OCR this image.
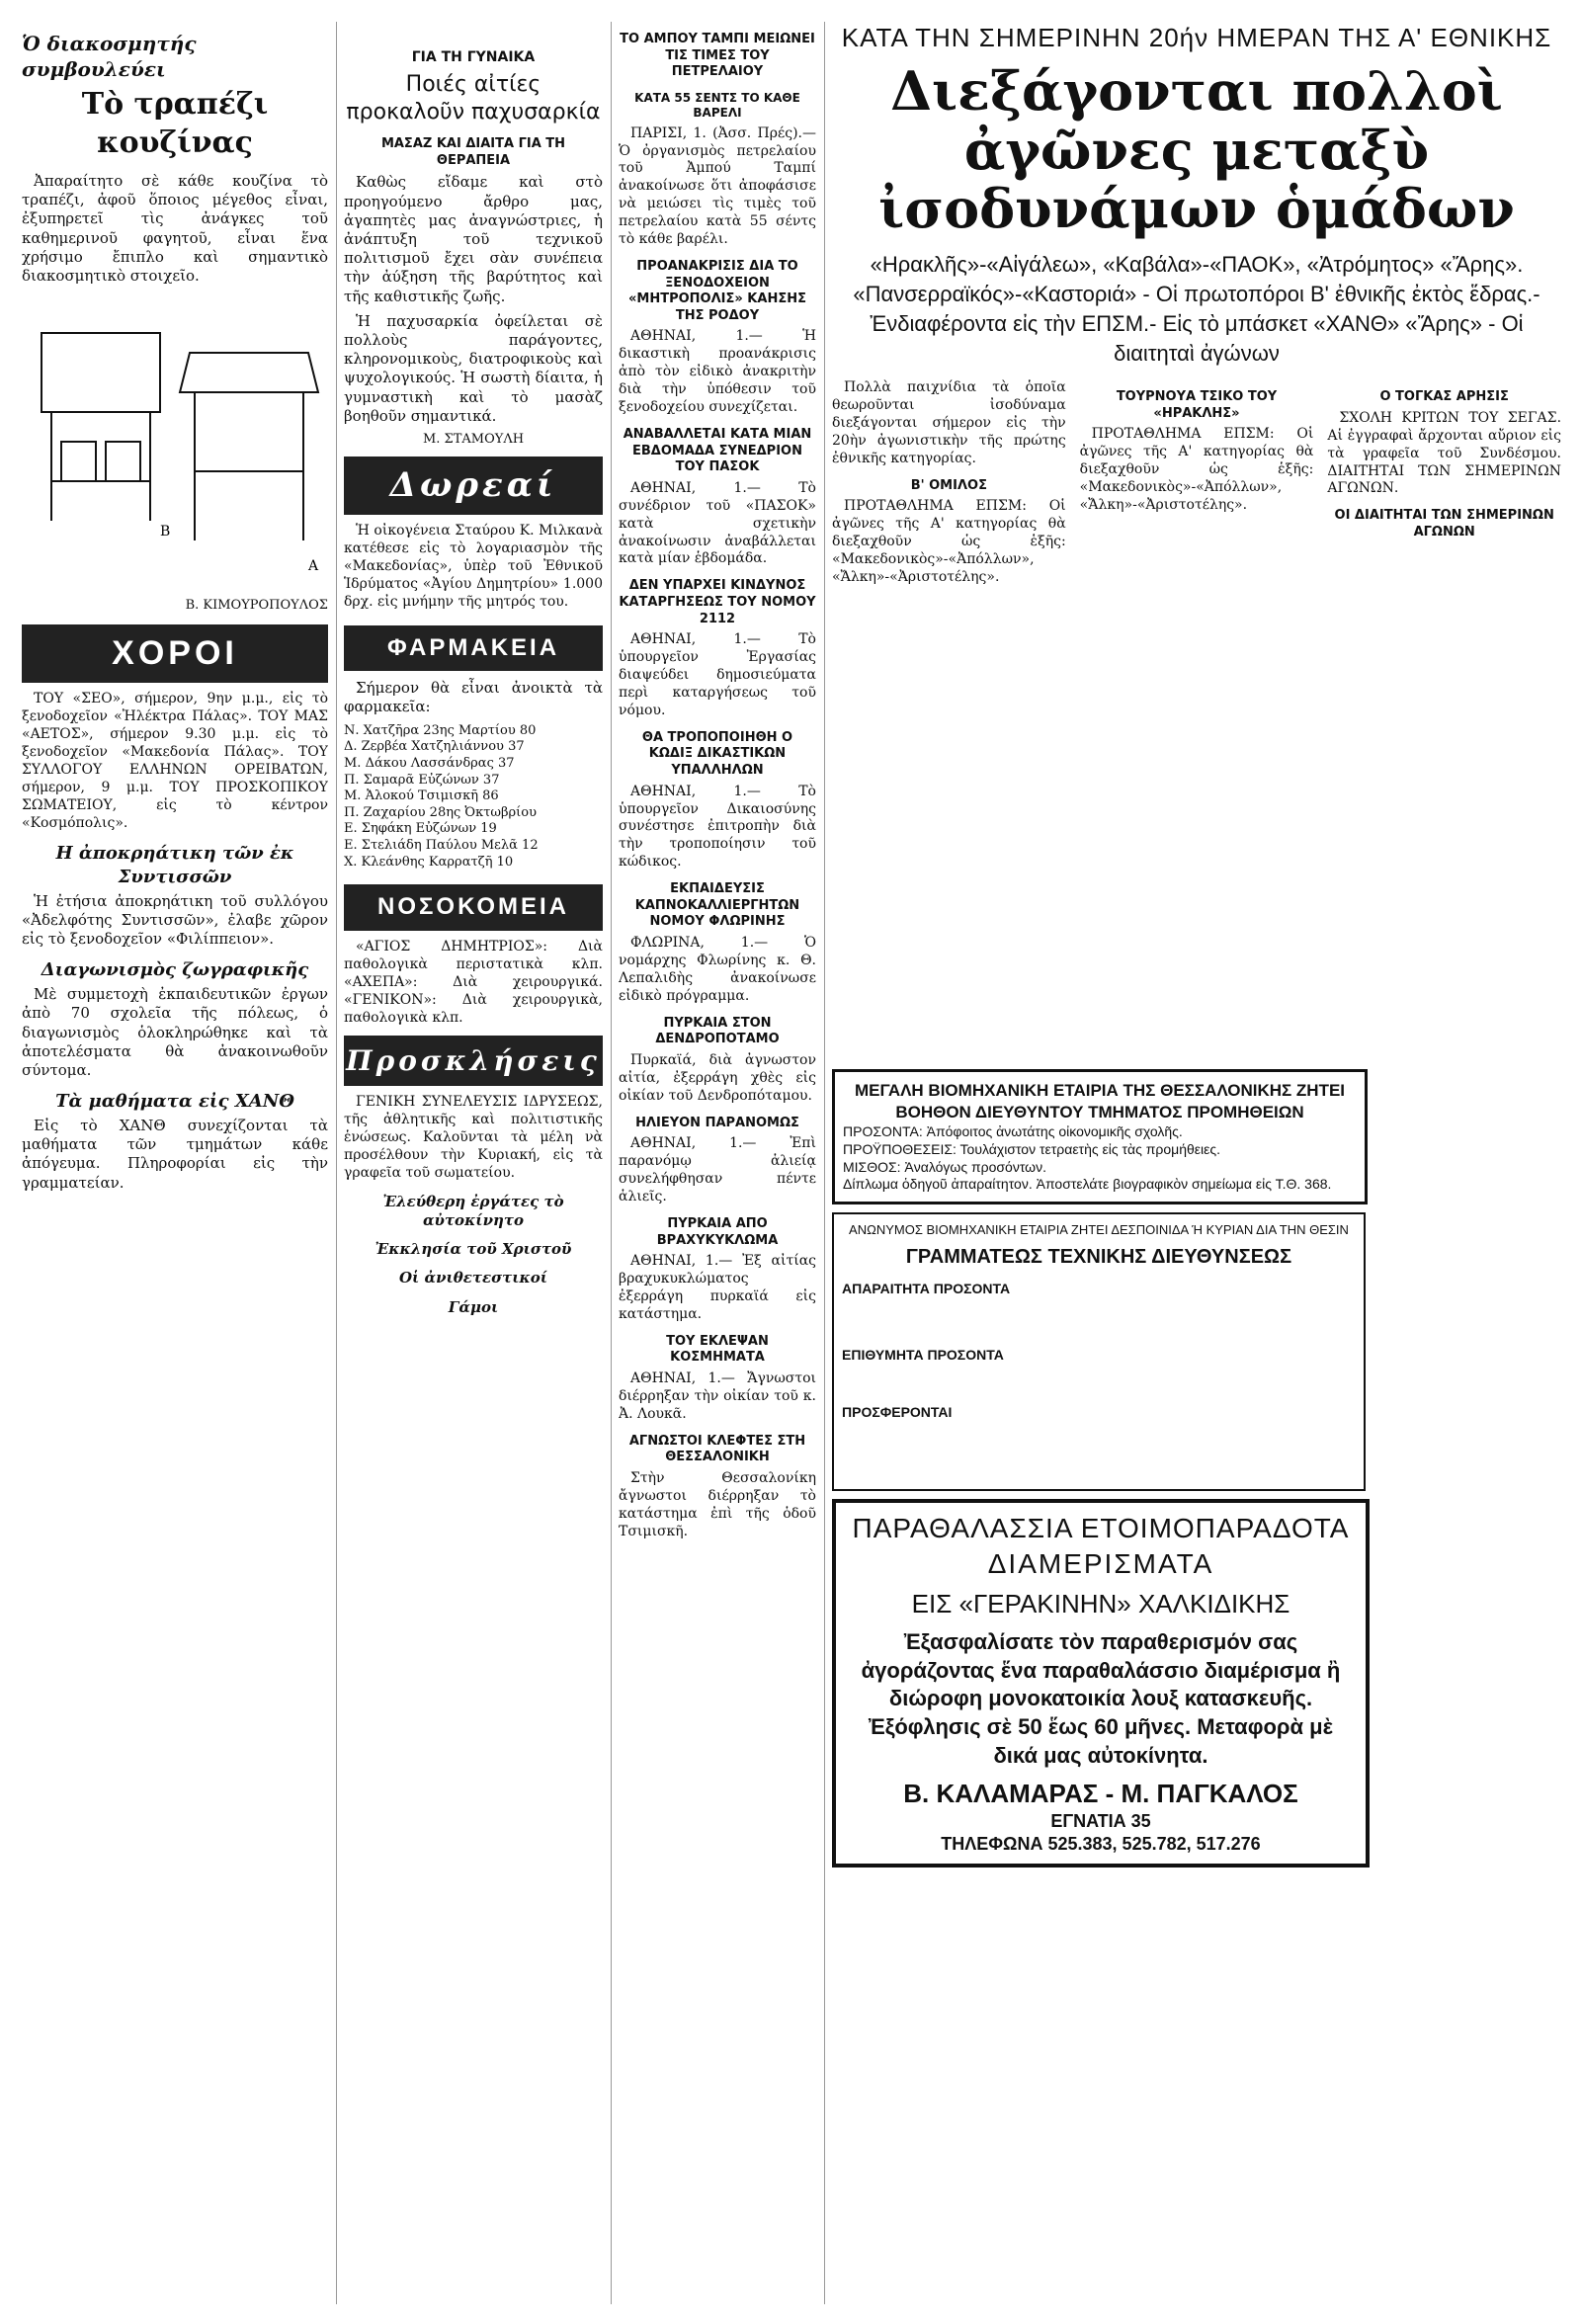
Ὁ διακοσμητής συμβουλεύει
Τὸ τραπέζι κουζίνας

Ἀπαραίτητο σὲ κάθε κουζίνα τὸ τραπέζι, ἀφοῦ ὅποιος μέγεθος εἶναι, ἐξυπηρετεῖ τὶς ἀνάγκες τοῦ καθημερινοῦ φαγητοῦ, εἶναι ἕνα χρήσιμο ἔπιπλο καὶ σημαντικὸ διακοσμητικὸ στοιχεῖο.

Β
Α
Β. ΚΙΜΟΥΡΟΠΟΥΛΟΣ
ΧΟΡΟΙ

ΤΟΥ «ΣΕΟ», σήμερον, 9ην μ.μ., εἰς τὸ ξενοδοχεῖον «Ἠλέκτρα Πάλας». ΤΟΥ ΜΑΣ «ΑΕΤΟΣ», σήμερον 9.30 μ.μ. εἰς τὸ ξενοδοχεῖον «Μακεδονία Πάλας». ΤΟΥ ΣΥΛΛΟΓΟΥ ΕΛΛΗΝΩΝ ΟΡΕΙΒΑΤΩΝ, σήμερον, 9 μ.μ. ΤΟΥ ΠΡΟΣΚΟΠΙΚΟΥ ΣΩΜΑΤΕΙΟΥ, εἰς τὸ κέντρον «Κοσμόπολις».

Η ἀποκρηάτικη τῶν ἐκ Συντισσῶν

Ἡ ἐτήσια ἀποκρηάτικη τοῦ συλλόγου «Ἀδελφότης Συντισσῶν», ἐλαβε χῶρον εἰς τὸ ξενοδοχεῖον «Φιλίππειον».

Διαγωνισμὸς ζωγραφικῆς

Μὲ συμμετοχὴ ἐκπαιδευτικῶν ἐργων ἀπὸ 70 σχολεῖα τῆς πόλεως, ὁ διαγωνισμὸς ὁλοκληρώθηκε καὶ τὰ ἀποτελέσματα θὰ ἀνακοινωθοῦν σύντομα.

Τὰ μαθήματα εἰς ΧΑΝΘ

Εἰς τὸ ΧΑΝΘ συνεχίζονται τὰ μαθήματα τῶν τμημάτων κάθε ἀπόγευμα. Πληροφορίαι εἰς τὴν γραμματείαν.

ΓΙΑ ΤΗ ΓΥΝΑΙΚΑ
Ποιές αἰτίες προκαλοῦν παχυσαρκία
ΜΑΣΑΖ ΚΑΙ ΔΙΑΙΤΑ ΓΙΑ ΤΗ ΘΕΡΑΠΕΙΑ

Καθὼς εἴδαμε καὶ στὸ προηγούμενο ἄρθρο μας, ἀγαπητὲς μας ἀναγνώστριες, ἡ ἀνάπτυξη τοῦ τεχνικοῦ πολιτισμοῦ ἔχει σὰν συνέπεια τὴν ἀύξηση τῆς βαρύτητος καὶ τῆς καθιστικῆς ζωῆς.

Ἡ παχυσαρκία ὀφείλεται σὲ πολλοὺς παράγοντες, κληρονομικοὺς, διατροφικοὺς καὶ ψυχολογικούς. Ἡ σωστὴ δίαιτα, ἡ γυμναστικὴ καὶ τὸ μασὰζ βοηθοῦν σημαντικά.

Μ. ΣΤΑΜΟΥΛΗ
Δωρεαί

Ἡ οἰκογένεια Σταύρου Κ. Μιλκανὰ κατέθεσε εἰς τὸ λογαριασμὸν τῆς «Μακεδονίας», ὑπὲρ τοῦ Ἐθνικοῦ Ἱδρύματος «Ἀγίου Δημητρίου» 1.000 δρχ. εἰς μνήμην τῆς μητρός του.

ΦΑΡΜΑΚΕΙΑ

Σήμερον θὰ εἶναι ἀνοικτὰ τὰ φαρμακεῖα:

Ν. Χατζῆρα 23ης Μαρτίου 80
Δ. Ζερβέα Χατζηλιάννου 37
Μ. Δάκου Λασσάνδρας 37
Π. Σαμαρᾶ Εὐζώνων 37
Μ. Ἀλοκού Τσιμισκῆ 86
Π. Ζαχαρίου 28ης Ὀκτωβρίου
Ε. Σηφάκη Εὐζώνων 19
Ε. Στελιάδη Παύλου Μελᾶ 12
Χ. Κλεάνθης Καρρατζῆ 10
ΝΟΣΟΚΟΜΕΙΑ

«ΑΓΙΟΣ ΔΗΜΗΤΡΙΟΣ»: Διὰ παθολογικὰ περιστατικὰ κλπ. «ΑΧΕΠΑ»: Διὰ χειρουργικά. «ΓΕΝΙΚΟΝ»: Διὰ χειρουργικὰ, παθολογικὰ κλπ.

Προσκλήσεις

ΓΕΝΙΚΗ ΣΥΝΕΛΕΥΣΙΣ ΙΔΡΥΣΕΩΣ, τῆς ἀθλητικῆς καὶ πολιτιστικῆς ἑνώσεως. Καλοῦνται τὰ μέλη νὰ προσέλθουν τὴν Κυριακή, εἰς τὰ γραφεῖα τοῦ σωματείου.

Ἐλεύθερη ἐργάτες τὸ αὐτοκίνητο
Ἐκκλησία τοῦ Χριστοῦ
Οἱ ἀνιθετεστικοί
Γάμοι
ΤΟ ΑΜΠΟΥ ΤΑΜΠΙ ΜΕΙΩΝΕΙ ΤΙΣ ΤΙΜΕΣ ΤΟΥ ΠΕΤΡΕΛΑΙΟΥ
ΚΑΤΑ 55 ΣΕΝΤΣ ΤΟ ΚΑΘΕ ΒΑΡΕΛΙ

ΠΑΡΙΣΙ, 1. (Ἀσσ. Πρές).— Ὁ ὀργανισμὸς πετρελαίου τοῦ Ἀμπού Ταμπί ἀνακοίνωσε ὅτι ἀποφάσισε νὰ μειώσει τὶς τιμὲς τοῦ πετρελαίου κατὰ 55 σέντς τὸ κάθε βαρέλι.

ΠΡΟΑΝΑΚΡΙΣΙΣ ΔΙΑ ΤΟ ΞΕΝΟΔΟΧΕΙΟΝ «ΜΗΤΡΟΠΟΛΙΣ» ΚΑΗΣΗΣ ΤΗΣ ΡΟΔΟΥ

ΑΘΗΝΑΙ, 1.— Ἡ δικαστικὴ προανάκρισις ἀπὸ τὸν εἰδικὸ ἀνακριτὴν διὰ τὴν ὑπόθεσιν τοῦ ξενοδοχείου συνεχίζεται.

ΑΝΑΒΑΛΛΕΤΑΙ ΚΑΤΑ ΜΙΑΝ ΕΒΔΟΜΑΔΑ ΣΥΝΕΔΡΙΟΝ ΤΟΥ ΠΑΣΟΚ

ΑΘΗΝΑΙ, 1.— Τὸ συνέδριον τοῦ «ΠΑΣΟΚ» κατὰ σχετικὴν ἀνακοίνωσιν ἀναβάλλεται κατὰ μίαν ἑβδομάδα.

ΔΕΝ ΥΠΑΡΧΕΙ ΚΙΝΔΥΝΟΣ ΚΑΤΑΡΓΗΣΕΩΣ ΤΟΥ ΝΟΜΟΥ 2112

ΑΘΗΝΑΙ, 1.— Τὸ ὑπουργεῖον Ἐργασίας διαψεύδει δημοσιεύματα περὶ καταργήσεως τοῦ νόμου.

ΘΑ ΤΡΟΠΟΠΟΙΗΘΗ Ο ΚΩΔΙΞ ΔΙΚΑΣΤΙΚΩΝ ΥΠΑΛΛΗΛΩΝ

ΑΘΗΝΑΙ, 1.— Τὸ ὑπουργεῖον Δικαιοσύνης συνέστησε ἐπιτροπὴν διὰ τὴν τροποποίησιν τοῦ κώδικος.

ΕΚΠΑΙΔΕΥΣΙΣ ΚΑΠΝΟΚΑΛΛΙΕΡΓΗΤΩΝ ΝΟΜΟΥ ΦΛΩΡΙΝΗΣ

ΦΛΩΡΙΝΑ, 1.— Ὁ νομάρχης Φλωρίνης κ. Θ. Λεπαλιδὴς ἀνακοίνωσε εἰδικὸ πρόγραμμα.

ΠΥΡΚΑΙΑ ΣΤΟΝ ΔΕΝΔΡΟΠΟΤΑΜΟ

Πυρκαϊά, διὰ ἀγνωστον αἰτία, ἐξερράγη χθὲς εἰς οἰκίαν τοῦ Δενδροπόταμου.

ΗΛΙΕΥΟΝ ΠΑΡΑΝΟΜΩΣ

ΑΘΗΝΑΙ, 1.— Ἐπὶ παρανόμῳ ἁλιείᾳ συνελήφθησαν πέντε ἁλιεῖς.

ΠΥΡΚΑΙΑ ΑΠΟ ΒΡΑΧΥΚΥΚΛΩΜΑ

ΑΘΗΝΑΙ, 1.— Ἐξ αἰτίας βραχυκυκλώματος ἐξερράγη πυρκαϊά εἰς κατάστημα.

ΤΟΥ ΕΚΛΕΨΑΝ ΚΟΣΜΗΜΑΤΑ

ΑΘΗΝΑΙ, 1.— Ἄγνωστοι διέρρηξαν τὴν οἰκίαν τοῦ κ. Ἀ. Λουκᾶ.

ΑΓΝΩΣΤΟΙ ΚΛΕΦΤΕΣ ΣΤΗ ΘΕΣΣΑΛΟΝΙΚΗ

Στὴν Θεσσαλονίκη ἄγνωστοι διέρρηξαν τὸ κατάστημα ἐπὶ τῆς ὁδοῦ Τσιμισκῆ.

ΚΑΤΑ ΤΗΝ ΣΗΜΕΡΙΝΗΝ 20ήν ΗΜΕΡΑΝ ΤΗΣ Α' ΕΘΝΙΚΗΣ
Διεξάγονται πολλοὶ ἀγῶνες μεταξὺ ἰσοδυνάμων ὁμάδων
«Ηρακλῆς»-«Αἰγάλεω», «Καβάλα»-«ΠΑΟΚ», «Ἀτρόμητος» «Ἄρης». «Πανσερραϊκός»-«Καστοριά» - Οἱ πρωτοπόροι Β' ἐθνικῆς ἐκτὸς ἕδρας.- Ἐνδιαφέροντα εἰς τὴν ΕΠΣΜ.- Εἰς τὸ μπάσκετ «ΧΑΝΘ» «Ἄρης» - Οἱ διαιτηταὶ ἀγώνων

Πολλὰ παιχνίδια τὰ ὁποῖα θεωροῦνται ἰσοδύναμα διεξάγονται σήμερον εἰς τὴν 20ὴν ἀγωνιστικὴν τῆς πρώτης ἐθνικῆς κατηγορίας.

Β' ΟΜΙΛΟΣ

ΠΡΟΤΑΘΛΗΜΑ ΕΠΣΜ: Οἱ ἀγῶνες τῆς Α' κατηγορίας θὰ διεξαχθοῦν ὡς ἑξῆς: «Μακεδονικὸς»-«Ἀπόλλων», «Ἄλκη»-«Ἀριστοτέλης».

ΤΟΥΡΝΟΥΑ ΤΣΙΚΟ ΤΟΥ «ΗΡΑΚΛΗΣ»

ΠΡΟΤΑΘΛΗΜΑ ΕΠΣΜ: Οἱ ἀγῶνες τῆς Α' κατηγορίας θὰ διεξαχθοῦν ὡς ἑξῆς: «Μακεδονικὸς»-«Ἀπόλλων», «Ἄλκη»-«Ἀριστοτέλης».

Ο ΤΟΓΚΑΣ ΑΡΗΣΙΣ

ΣΧΟΛΗ ΚΡΙΤΩΝ ΤΟΥ ΣΕΓΑΣ. Αἱ ἐγγραφαὶ ἄρχονται αὔριον εἰς τὰ γραφεῖα τοῦ Συνδέσμου. ΔΙΑΙΤΗΤΑΙ ΤΩΝ ΣΗΜΕΡΙΝΩΝ ΑΓΩΝΩΝ.

ΟΙ ΔΙΑΙΤΗΤΑΙ ΤΩΝ ΣΗΜΕΡΙΝΩΝ ΑΓΩΝΩΝ
ΜΕΓΑΛΗ ΒΙΟΜΗΧΑΝΙΚΗ ΕΤΑΙΡΙΑ ΤΗΣ ΘΕΣΣΑΛΟΝΙΚΗΣ ΖΗΤΕΙ ΒΟΗΘΟΝ ΔΙΕΥΘΥΝΤΟΥ ΤΜΗΜΑΤΟΣ ΠΡΟΜΗΘΕΙΩΝ
ΠΡΟΣΟΝΤΑ: Ἀπόφοιτος ἀνωτάτης οἰκονομικῆς σχολῆς.
ΠΡΟΫΠΟΘΕΣΕΙΣ: Τουλάχιστον τετραετὴς εἰς τὰς προμήθειες.
ΜΙΣΘΟΣ: Ἀναλόγως προσόντων.
Δίπλωμα ὁδηγοῦ ἀπαραίτητον. Ἀποστελάτε βιογραφικὸν σημείωμα εἰς Τ.Θ. 368.
ΑΝΩΝΥΜΟΣ ΒΙΟΜΗΧΑΝΙΚΗ ΕΤΑΙΡΙΑ ΖΗΤΕΙ ΔΕΣΠΟΙΝΙΔΑ Ή ΚΥΡΙΑΝ ΔΙΑ ΤΗΝ ΘΕΣΙΝ
ΓΡΑΜΜΑΤΕΩΣ ΤΕΧΝΙΚΗΣ ΔΙΕΥΘΥΝΣΕΩΣ
ΑΠΑΡΑΙΤΗΤΑ ΠΡΟΣΟΝΤΑ
ΕΠΙΘΥΜΗΤΑ ΠΡΟΣΟΝΤΑ
ΠΡΟΣΦΕΡΟΝΤΑΙ
ΠΑΡΑΘΑΛΑΣΣΙΑ ΕΤΟΙΜΟΠΑΡΑΔΟΤΑ
ΔΙΑΜΕΡΙΣΜΑΤΑ
ΕΙΣ «ΓΕΡΑΚΙΝΗΝ» ΧΑΛΚΙΔΙΚΗΣ
Ἐξασφαλίσατε τὸν παραθερισμόν σας ἀγοράζοντας ἕνα παραθαλάσσιο διαμέρισμα ἢ διώροφη μονοκατοικία λουξ κατασκευῆς. Ἐξόφλησις σὲ 50 ἕως 60 μῆνες. Μεταφορὰ μὲ δικά μας αὐτοκίνητα.
Β. ΚΑΛΑΜΑΡΑΣ - Μ. ΠΑΓΚΑΛΟΣ
ΕΓΝΑΤΙΑ 35
ΤΗΛΕΦΩΝΑ 525.383, 525.782, 517.276
